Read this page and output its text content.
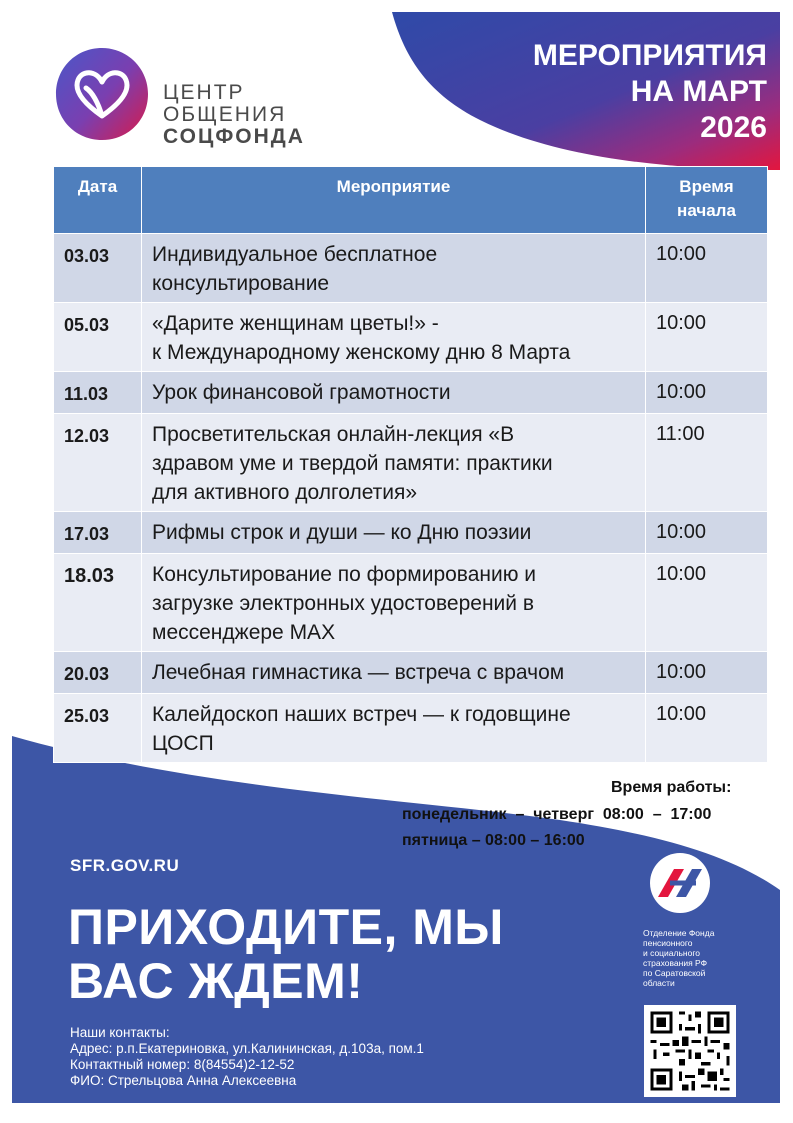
МЕРОПРИЯТИЯ
НА МАРТ
2026
ЦЕНТР
ОБЩЕНИЯ
СОЦФОНДА
Дата	Мероприятие	Время
начала

03.03	Индивидуальное бесплатное
консультирование	10:00
05.03	«Дарите женщинам цветы!» -
к Международному женскому дню 8 Марта	10:00
11.03	Урок финансовой грамотности	10:00
12.03	Просветительская онлайн-лекция «В
здравом уме и твердой памяти: практики
для активного долголетия»	11:00
17.03	Рифмы строк и души — ко Дню поэзии	10:00
18.03	Консультирование по формированию и
загрузке электронных удостоверений в
мессенджере МАХ	10:00
20.03	Лечебная гимнастика — встреча с врачом	10:00
25.03	Калейдоскоп наших встреч — к годовщине
ЦОСП	10:00
Время работы:
понедельник  –  четверг  08:00  –  17:00
пятница – 08:00 – 16:00
SFR.GOV.RU
ПРИХОДИТЕ, МЫ
ВАС ЖДЕМ!
Наши контакты:
Адрес: р.п.Екатериновка, ул.Калининская, д.103а, пом.1
Контактный номер: 8(84554)2-12-52
ФИО: Стрельцова Анна Алексеевна
Отделение Фонда
пенсионного
и социального
страхования РФ
по Саратовской
области
